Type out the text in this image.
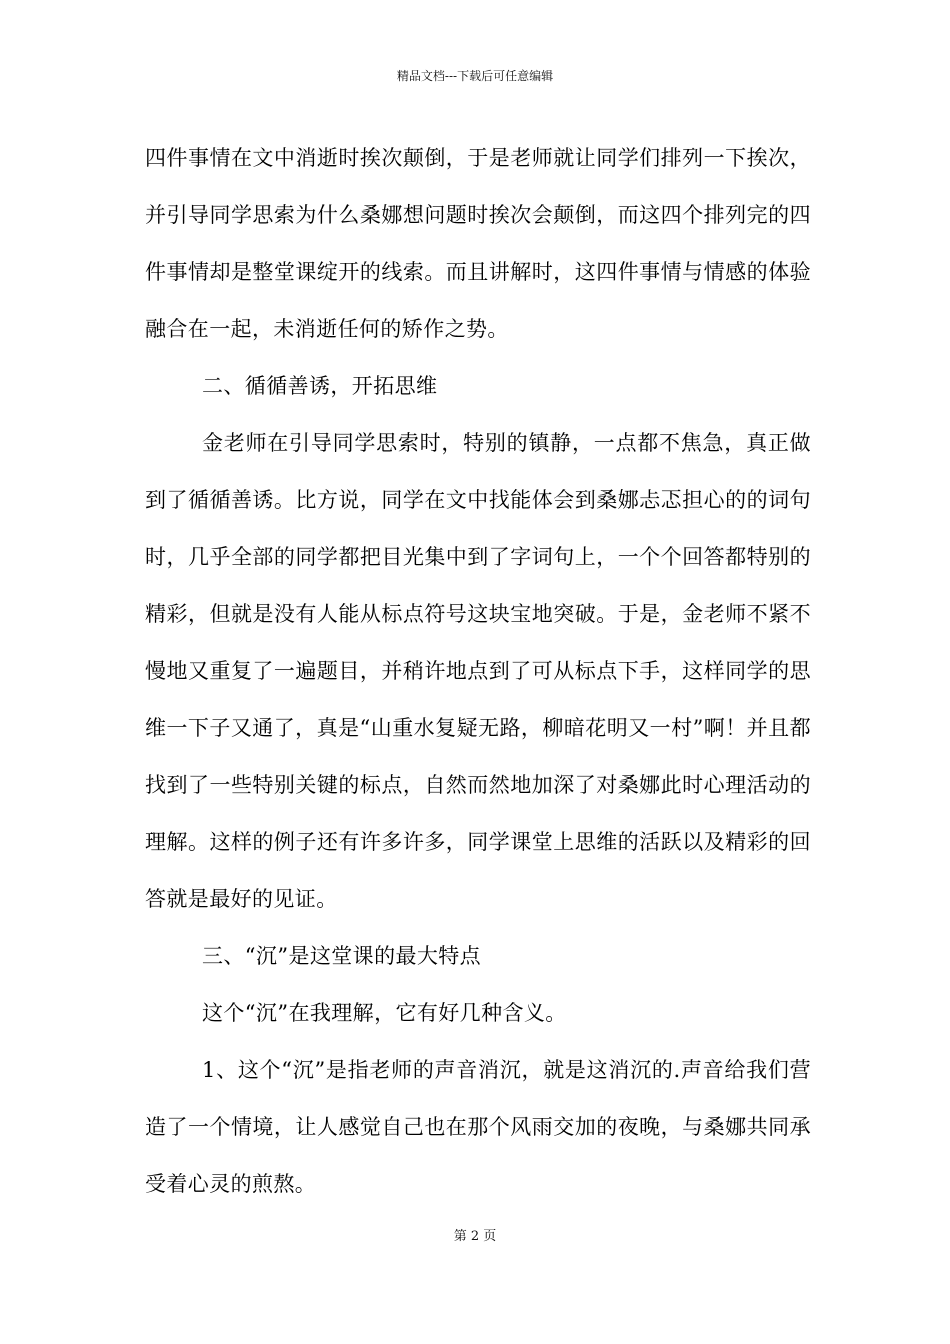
精品文档---下载后可任意编辑

四件事情在文中消逝时挨次颠倒，于是老师就让同学们排列一下挨次，并引导同学思索为什么桑娜想问题时挨次会颠倒，而这四个排列完的四件事情却是整堂课绽开的线索。而且讲解时，这四件事情与情感的体验融合在一起，未消逝任何的矫作之势。

二、循循善诱，开拓思维

金老师在引导同学思索时，特别的镇静，一点都不焦急，真正做到了循循善诱。比方说，同学在文中找能体会到桑娜忐忑担心的的词句时，几乎全部的同学都把目光集中到了字词句上，一个个回答都特别的精彩，但就是没有人能从标点符号这块宝地突破。于是，金老师不紧不慢地又重复了一遍题目，并稍许地点到了可从标点下手，这样同学的思维一下子又通了，真是“山重水复疑无路，柳暗花明又一村”啊！并且都找到了一些特别关键的标点，自然而然地加深了对桑娜此时心理活动的理解。这样的例子还有许多许多，同学课堂上思维的活跃以及精彩的回答就是最好的见证。

三、“沉”是这堂课的最大特点

这个“沉”在我理解，它有好几种含义。

1、这个“沉”是指老师的声音消沉，就是这消沉的.声音给我们营造了一个情境，让人感觉自己也在那个风雨交加的夜晚，与桑娜共同承受着心灵的煎熬。

第 2 页
